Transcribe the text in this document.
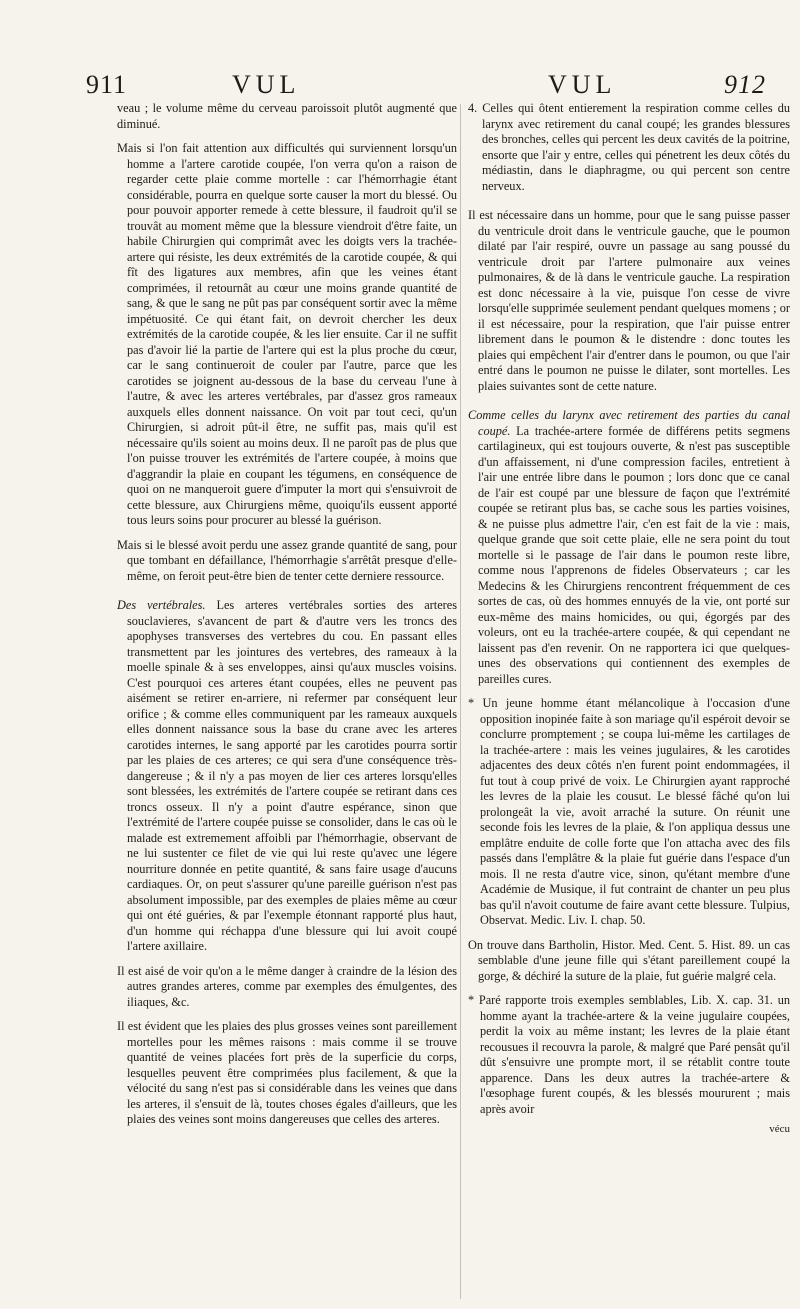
911	VUL	VUL	912

veau ; le volume même du cerveau paroissoit plutôt augmenté que diminué.

Mais si l'on fait attention aux difficultés qui surviennent lorsqu'un homme a l'artere carotide coupée, l'on verra qu'on a raison de regarder cette plaie comme mortelle : car l'hémorrhagie étant considérable, pourra en quelque sorte causer la mort du blessé. Ou pour pouvoir apporter remede à cette blessure, il faudroit qu'il se trouvât au moment même que la blessure viendroit d'être faite, un habile Chirurgien qui comprimât avec les doigts vers la trachée-artere qui résiste, les deux extrémités de la carotide coupée, & qui fît des ligatures aux membres, afin que les veines étant comprimées, il retournât au cœur une moins grande quantité de sang, & que le sang ne pût pas par conséquent sortir avec la même impétuosité. Ce qui étant fait, on devroit chercher les deux extrémités de la carotide coupée, & les lier ensuite. Car il ne suffit pas d'avoir lié la partie de l'artere qui est la plus proche du cœur, car le sang continueroit de couler par l'autre, parce que les carotides se joignent au-dessous de la base du cerveau l'une à l'autre, & avec les arteres vertébrales, par d'assez gros rameaux auxquels elles donnent naissance. On voit par tout ceci, qu'un Chirurgien, si adroit pût-il être, ne suffit pas, mais qu'il est nécessaire qu'ils soient au moins deux. Il ne paroît pas de plus que l'on puisse trouver les extrémités de l'artere coupée, à moins que d'aggrandir la plaie en coupant les tégumens, en conséquence de quoi on ne manqueroit guere d'imputer la mort qui s'ensuivroit de cette blessure, aux Chirurgiens même, quoiqu'ils eussent apporté tous leurs soins pour procurer au blessé la guérison.

Mais si le blessé avoit perdu une assez grande quantité de sang, pour que tombant en défaillance, l'hémorrhagie s'arrêtât presque d'elle-même, on feroit peut-être bien de tenter cette derniere ressource.

Des vertébrales. Les arteres vertébrales sorties des arteres souclavieres, s'avancent de part & d'autre vers les troncs des apophyses transverses des vertebres du cou. En passant elles transmettent par les jointures des vertebres, des rameaux à la moelle spinale & à ses enveloppes, ainsi qu'aux muscles voisins. C'est pourquoi ces arteres étant coupées, elles ne peuvent pas aisément se retirer en-arriere, ni refermer par conséquent leur orifice ; & comme elles communiquent par les rameaux auxquels elles donnent naissance sous la base du crane avec les arteres carotides internes, le sang apporté par les carotides pourra sortir par les plaies de ces arteres; ce qui sera d'une conséquence très-dangereuse ; & il n'y a pas moyen de lier ces arteres lorsqu'elles sont blessées, les extrémités de l'artere coupée se retirant dans ces troncs osseux. Il n'y a point d'autre espérance, sinon que l'extrémité de l'artere coupée puisse se consolider, dans le cas où le malade est extremement affoibli par l'hémorrhagie, observant de ne lui sustenter ce filet de vie qui lui reste qu'avec une légere nourriture donnée en petite quantité, & sans faire usage d'aucuns cardiaques. Or, on peut s'assurer qu'une pareille guérison n'est pas absolument impossible, par des exemples de plaies même au cœur qui ont été guéries, & par l'exemple étonnant rapporté plus haut, d'un homme qui réchappa d'une blessure qui lui avoit coupé l'artere axillaire.

Il est aisé de voir qu'on a le même danger à craindre de la lésion des autres grandes arteres, comme par exemples des émulgentes, des iliaques, &c.

Il est évident que les plaies des plus grosses veines sont pareillement mortelles pour les mêmes raisons : mais comme il se trouve quantité de veines placées fort près de la superficie du corps, lesquelles peuvent être comprimées plus facilement, & que la vélocité du sang n'est pas si considérable dans les veines que dans les arteres, il s'ensuit de là, toutes choses égales d'ailleurs, que les plaies des veines sont moins dangereuses que celles des arteres.

4. Celles qui ôtent entierement la respiration comme celles du larynx avec retirement du canal coupé; les grandes blessures des bronches, celles qui percent les deux cavités de la poitrine, ensorte que l'air y entre, celles qui pénetrent les deux côtés du médiastin, dans le diaphragme, ou qui percent son centre nerveux.

Il est nécessaire dans un homme, pour que le sang puisse passer du ventricule droit dans le ventricule gauche, que le poumon dilaté par l'air respiré, ouvre un passage au sang poussé du ventricule droit par l'artere pulmonaire aux veines pulmonaires, & de là dans le ventricule gauche. La respiration est donc nécessaire à la vie, puisque l'on cesse de vivre lorsqu'elle supprimée seulement pendant quelques momens ; or il est nécessaire, pour la respiration, que l'air puisse entrer librement dans le poumon & le distendre : donc toutes les plaies qui empêchent l'air d'entrer dans le poumon, ou que l'air entré dans le poumon ne puisse le dilater, sont mortelles. Les plaies suivantes sont de cette nature.

Comme celles du larynx avec retirement des parties du canal coupé. La trachée-artere formée de différens petits segmens cartilagineux, qui est toujours ouverte, & n'est pas susceptible d'un affaissement, ni d'une compression faciles, entretient à l'air une entrée libre dans le poumon ; lors donc que ce canal de l'air est coupé par une blessure de façon que l'extrémité coupée se retirant plus bas, se cache sous les parties voisines, & ne puisse plus admettre l'air, c'en est fait de la vie : mais, quelque grande que soit cette plaie, elle ne sera point du tout mortelle si le passage de l'air dans le poumon reste libre, comme nous l'apprenons de fideles Observateurs ; car les Medecins & les Chirurgiens rencontrent fréquemment de ces sortes de cas, où des hommes ennuyés de la vie, ont porté sur eux-même des mains homicides, ou qui, égorgés par des voleurs, ont eu la trachée-artere coupée, & qui cependant ne laissent pas d'en revenir. On ne rapportera ici que quelques-unes des observations qui contiennent des exemples de pareilles cures.

* Un jeune homme étant mélancolique à l'occasion d'une opposition inopinée faite à son mariage qu'il espéroit devoir se conclurre promptement ; se coupa lui-même les cartilages de la trachée-artere : mais les veines jugulaires, & les carotides adjacentes des deux côtés n'en furent point endommagées, il fut tout à coup privé de voix. Le Chirurgien ayant rapproché les levres de la plaie les cousut. Le blessé fâché qu'on lui prolongeât la vie, avoit arraché la suture. On réunit une seconde fois les levres de la plaie, & l'on appliqua dessus une emplâtre enduite de colle forte que l'on attacha avec des fils passés dans l'emplâtre & la plaie fut guérie dans l'espace d'un mois. Il ne resta d'autre vice, sinon, qu'étant membre d'une Académie de Musique, il fut contraint de chanter un peu plus bas qu'il n'avoit coutume de faire avant cette blessure. Tulpius, Observat. Medic. Liv. I. chap. 50.

On trouve dans Bartholin, Histor. Med. Cent. 5. Hist. 89. un cas semblable d'une jeune fille qui s'étant pareillement coupé la gorge, & déchiré la suture de la plaie, fut guérie malgré cela.

* Paré rapporte trois exemples semblables, Lib. X. cap. 31. un homme ayant la trachée-artere & la veine jugulaire coupées, perdit la voix au même instant; les levres de la plaie étant recousues il recouvra la parole, & malgré que Paré pensât qu'il dût s'ensuivre une prompte mort, il se rétablit contre toute apparence. Dans les deux autres la trachée-artere & l'œsophage furent coupés, & les blessés moururent ; mais après avoir

vécu
